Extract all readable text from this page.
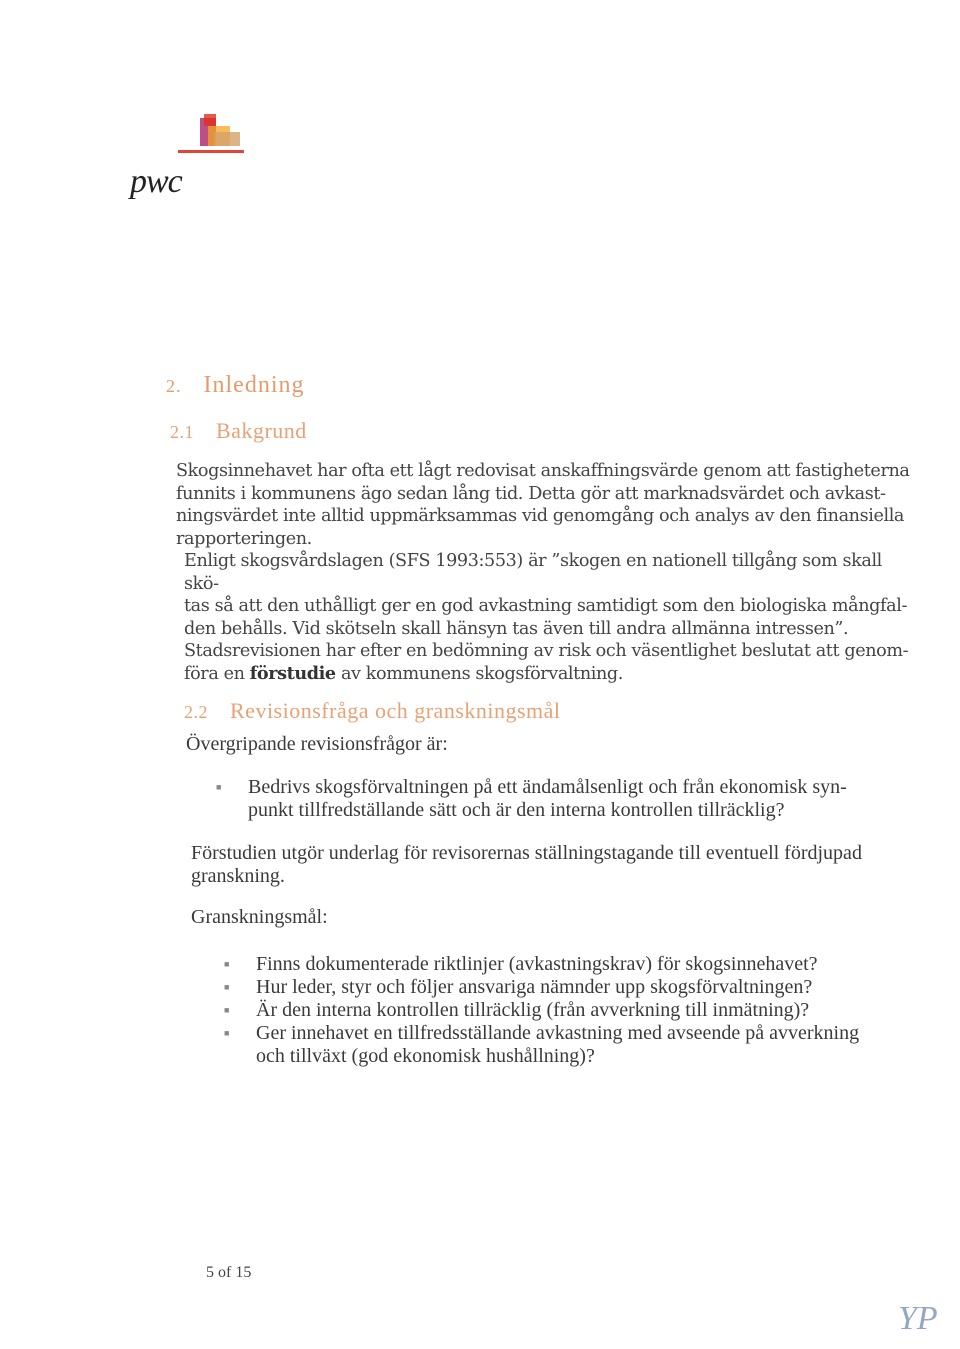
pwc
2. Inledning
2.1 Bakgrund
Skogsinnehavet har ofta ett lågt redovisat anskaffningsvärde genom att fastigheterna
funnits i kommunens ägo sedan lång tid. Detta gör att marknadsvärdet och avkast-
ningsvärdet inte alltid uppmärksammas vid genomgång och analys av den finansiella
rapporteringen.
Enligt skogsvårdslagen (SFS 1993:553) är ”skogen en nationell tillgång som skall skö-
tas så att den uthålligt ger en god avkastning samtidigt som den biologiska mångfal-
den behålls. Vid skötseln skall hänsyn tas även till andra allmänna intressen”.
Stadsrevisionen har efter en bedömning av risk och väsentlighet beslutat att genom-
föra en förstudie av kommunens skogsförvaltning.
2.2 Revisionsfråga och granskningsmål
Övergripande revisionsfrågor är:
■ Bedrivs skogsförvaltningen på ett ändamålsenligt och från ekonomisk syn-
punkt tillfredställande sätt och är den interna kontrollen tillräcklig?
Förstudien utgör underlag för revisorernas ställningstagande till eventuell fördjupad
granskning.
Granskningsmål:
■ Finns dokumenterade riktlinjer (avkastningskrav) för skogsinnehavet?
■ Hur leder, styr och följer ansvariga nämnder upp skogsförvaltningen?
■ Är den interna kontrollen tillräcklig (från avverkning till inmätning)?
■ Ger innehavet en tillfredsställande avkastning med avseende på avverkning
och tillväxt (god ekonomisk hushållning)?
5 of 15
YP
